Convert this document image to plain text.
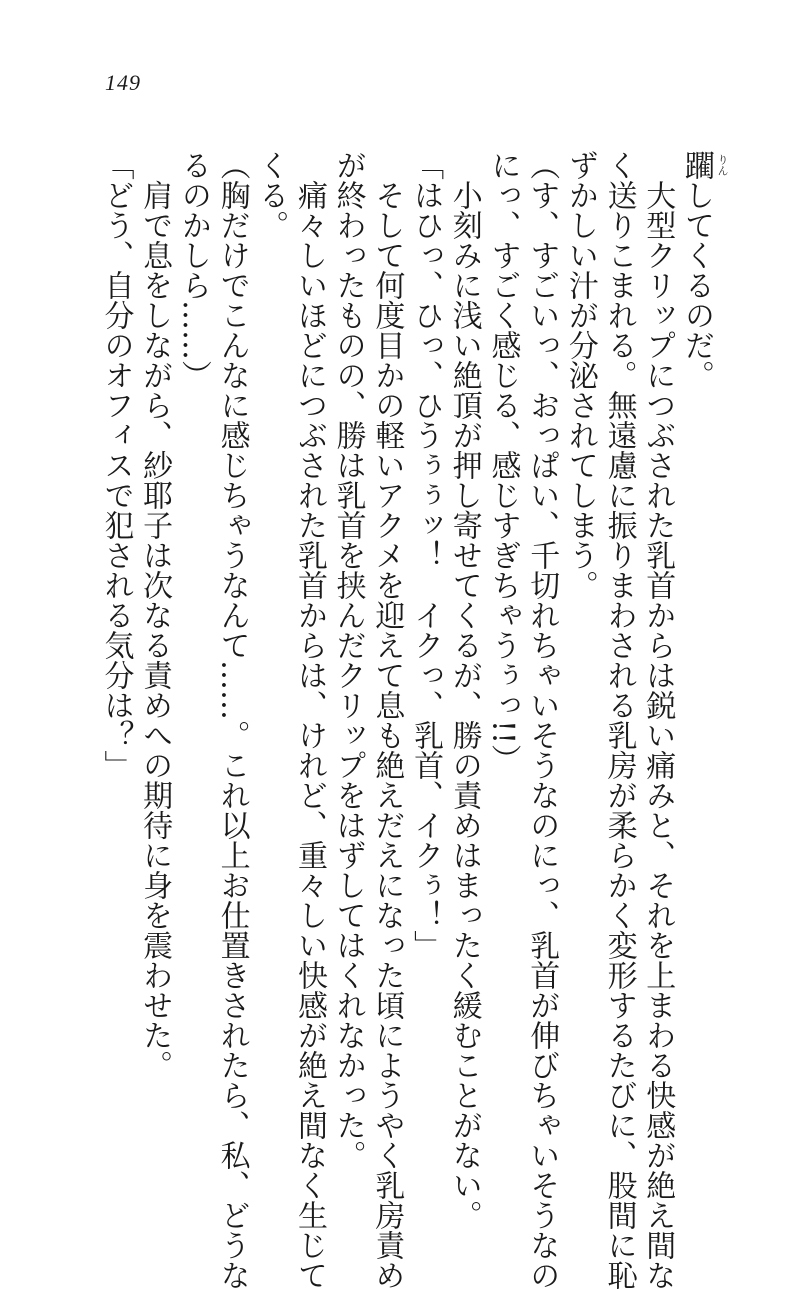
149

躙 りん
してくるのだ。

　大型クリップにつぶされた乳首からは鋭い痛みと、それを上まわる快感が絶え間な

く送りこまれる。無遠慮に振りまわされる乳房が柔らかく変形するたびに、股間に恥

ずかしい汁が分泌されてしまう。

（す、すごいっ、おっぱい、千切れちゃいそうなのにっ、乳首が伸びちゃいそうなの

にっ、すごく感じる、感じすぎちゃうぅっ!!）

　小刻みに浅い絶頂が押し寄せてくるが、勝の責めはまったく緩むことがない。

「はひっ、ひっ、ひうぅぅッ！　イクっ、乳首、イクぅ！」

　そして何度目かの軽いアクメを迎えて息も絶えだえになった頃にようやく乳房責め

が終わったものの、勝は乳首を挟んだクリップをはずしてはくれなかった。

　痛々しいほどにつぶされた乳首からは、けれど、重々しい快感が絶え間なく生じて

くる。

（胸だけでこんなに感じちゃうなんて……。これ以上お仕置きされたら、私、どうな

るのかしら……）

　肩で息をしながら、紗耶子は次なる責めへの期待に身を震わせた。

「どう、自分のオフィスで犯される気分は？」
